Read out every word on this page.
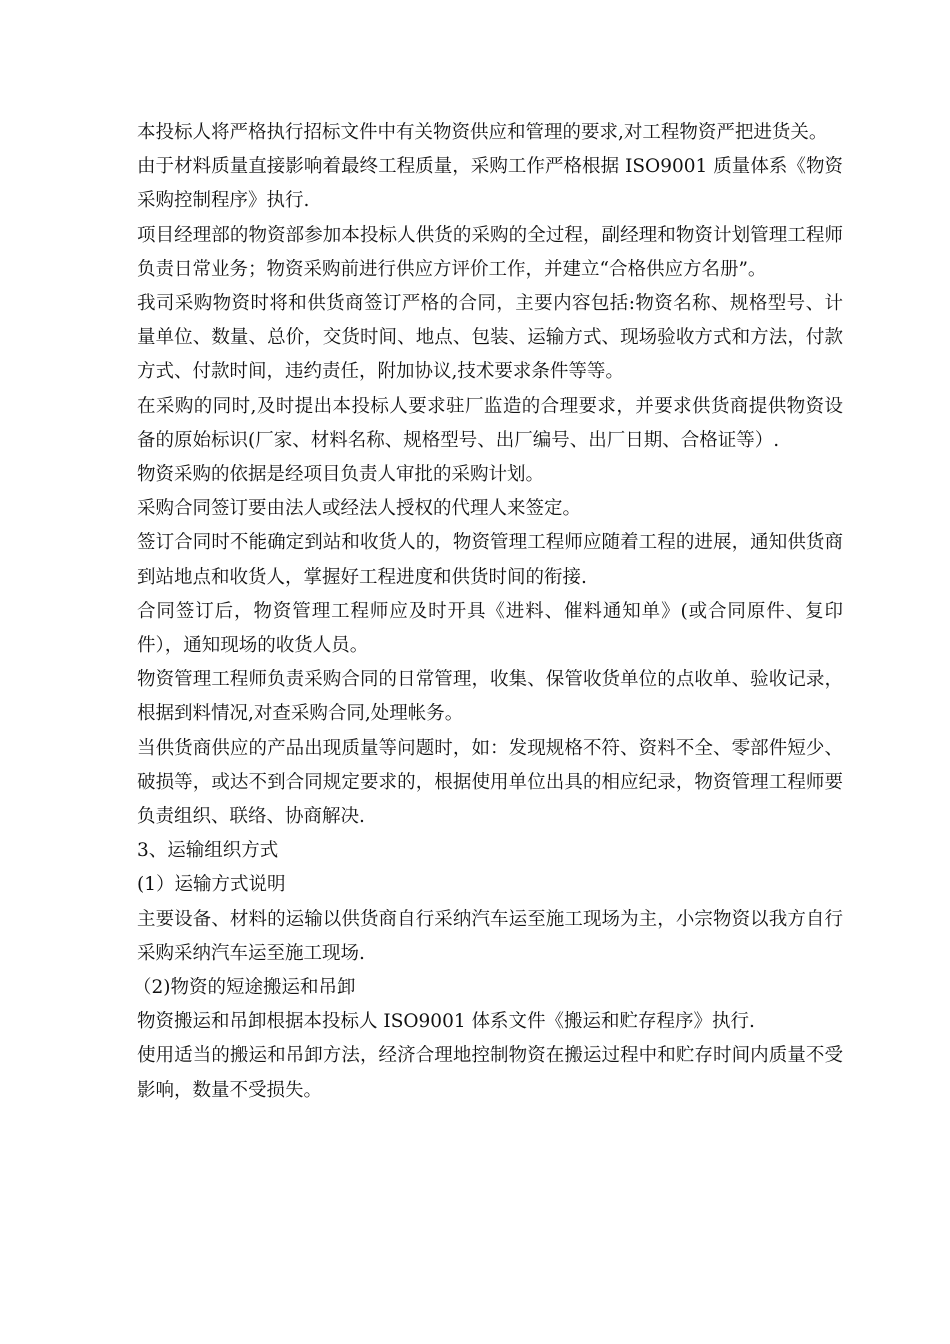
本投标人将严格执行招标文件中有关物资供应和管理的要求,对工程物资严把进货关。

由于材料质量直接影响着最终工程质量，采购工作严格根据 ISO9001 质量体系《物资采购控制程序》执行.

项目经理部的物资部参加本投标人供货的采购的全过程，副经理和物资计划管理工程师负责日常业务；物资采购前进行供应方评价工作，并建立“合格供应方名册”。

我司采购物资时将和供货商签订严格的合同，主要内容包括:物资名称、规格型号、计量单位、数量、总价，交货时间、地点、包装、运输方式、现场验收方式和方法，付款方式、付款时间，违约责任，附加协议,技术要求条件等等。

在采购的同时,及时提出本投标人要求驻厂监造的合理要求，并要求供货商提供物资设备的原始标识(厂家、材料名称、规格型号、出厂编号、出厂日期、合格证等）.

物资采购的依据是经项目负责人审批的采购计划。

采购合同签订要由法人或经法人授权的代理人来签定。

签订合同时不能确定到站和收货人的，物资管理工程师应随着工程的进展，通知供货商到站地点和收货人，掌握好工程进度和供货时间的衔接.

合同签订后，物资管理工程师应及时开具《进料、催料通知单》(或合同原件、复印件），通知现场的收货人员。

物资管理工程师负责采购合同的日常管理，收集、保管收货单位的点收单、验收记录，根据到料情况,对查采购合同,处理帐务。

当供货商供应的产品出现质量等问题时，如：发现规格不符、资料不全、零部件短少、破损等，或达不到合同规定要求的，根据使用单位出具的相应纪录，物资管理工程师要负责组织、联络、协商解决.

3、运输组织方式

(1）运输方式说明

主要设备、材料的运输以供货商自行采纳汽车运至施工现场为主，小宗物资以我方自行采购采纳汽车运至施工现场.

（2)物资的短途搬运和吊卸

物资搬运和吊卸根据本投标人 ISO9001 体系文件《搬运和贮存程序》执行.

使用适当的搬运和吊卸方法，经济合理地控制物资在搬运过程中和贮存时间内质量不受影响，数量不受损失。
